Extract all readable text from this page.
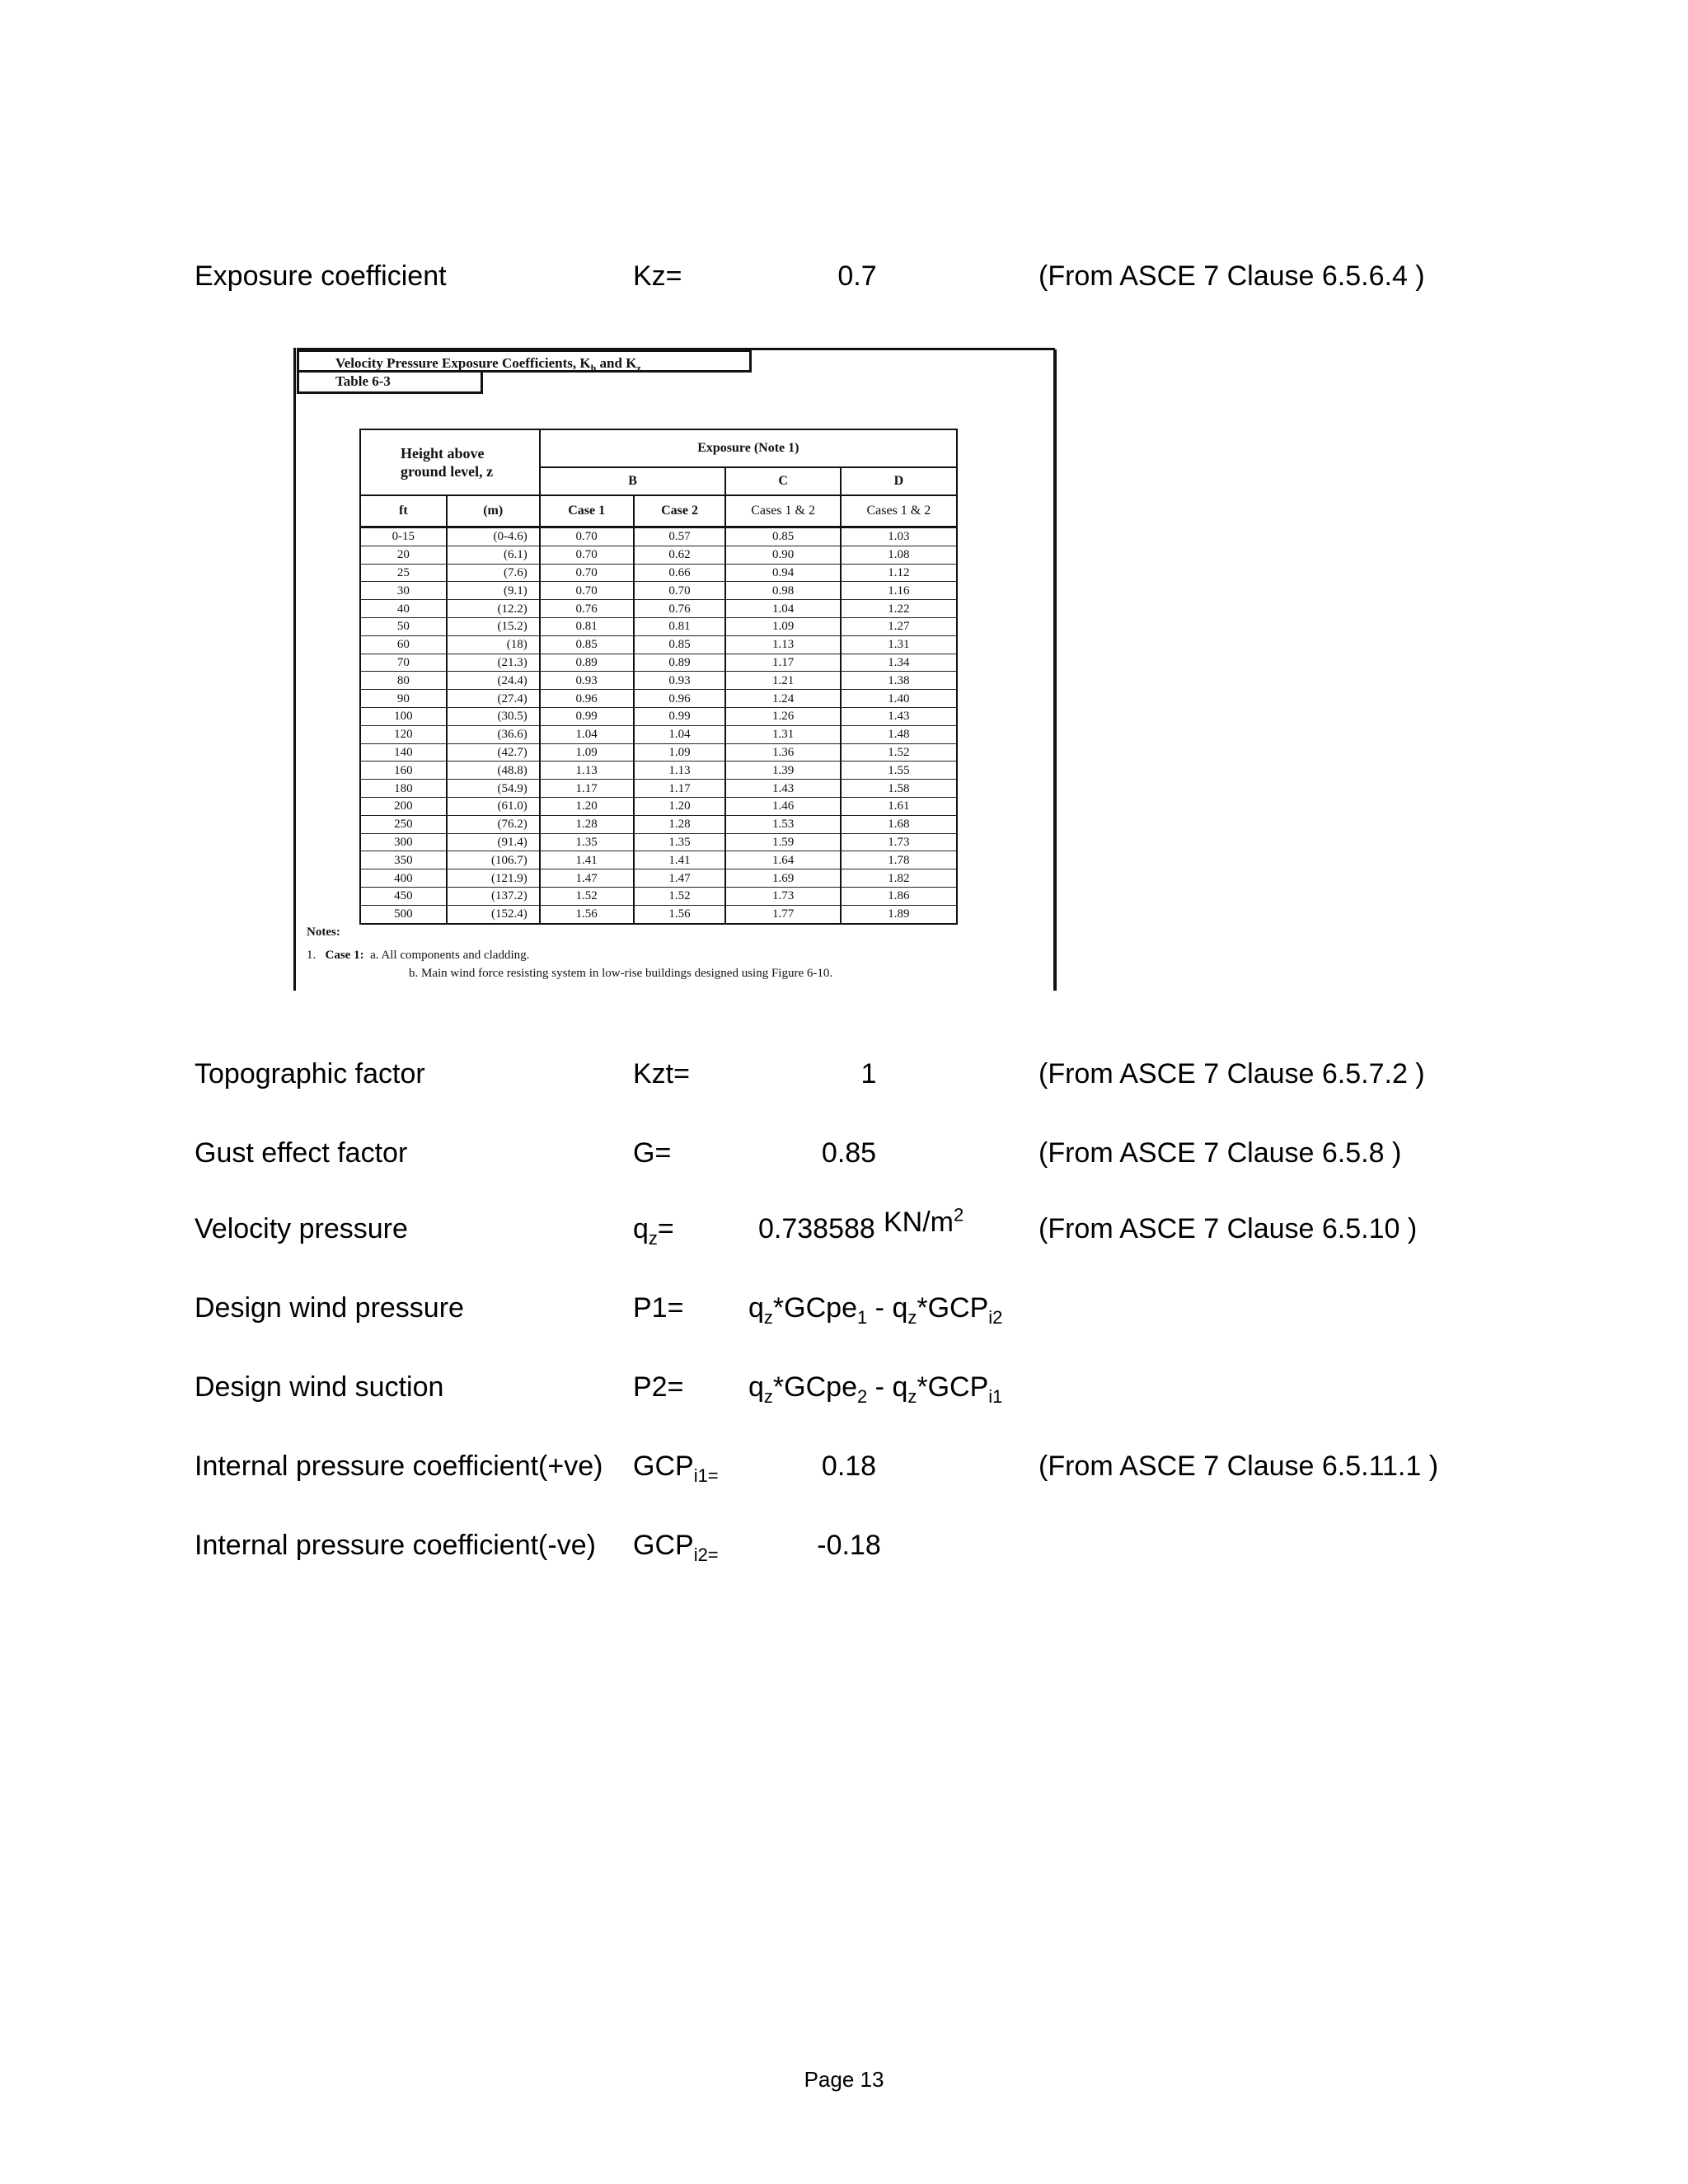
Exposure coefficient	Kz=	0.7	(From ASCE 7 Clause 6.5.6.4 )
Velocity Pressure Exposure Coefficients, $K_h$ and $K_z$
Table 6-3
Height above ground level, z		Exposure (Note 1)			
		B		C	D
ft	(m)	Case 1	Case 2	Cases 1 & 2	Cases 1 & 2
0-15	(0-4.6)	0.70	0.57	0.85	1.03
20	(6.1)	0.70	0.62	0.90	1.08
25	(7.6)	0.70	0.66	0.94	1.12
30	(9.1)	0.70	0.70	0.98	1.16
40	(12.2)	0.76	0.76	1.04	1.22
50	(15.2)	0.81	0.81	1.09	1.27
60	(18)	0.85	0.85	1.13	1.31
70	(21.3)	0.89	0.89	1.17	1.34
80	(24.4)	0.93	0.93	1.21	1.38
90	(27.4)	0.96	0.96	1.24	1.40
100	(30.5)	0.99	0.99	1.26	1.43
120	(36.6)	1.04	1.04	1.31	1.48
140	(42.7)	1.09	1.09	1.36	1.52
160	(48.8)	1.13	1.13	1.39	1.55
180	(54.9)	1.17	1.17	1.43	1.58
200	(61.0)	1.20	1.20	1.46	1.61
250	(76.2)	1.28	1.28	1.53	1.68
300	(91.4)	1.35	1.35	1.59	1.73
350	(106.7)	1.41	1.41	1.64	1.78
400	(121.9)	1.47	1.47	1.69	1.82
450	(137.2)	1.52	1.52	1.73	1.86
500	(152.4)	1.56	1.56	1.77	1.89
Notes:
1. Case 1: a. All components and cladding.
b. Main wind force resisting system in low-rise buildings designed using Figure 6-10.
Topographic factor	Kzt=	1	(From ASCE 7 Clause 6.5.7.2 )
Gust effect factor	G=	0.85	(From ASCE 7 Clause 6.5.8 )
Velocity pressure	$q_z=$	0.738588 $KN/m^2$	(From ASCE 7 Clause 6.5.10 )
Design wind pressure	$P1= q_z*GCpe_1 - q_z*GCP_{i2}$
Design wind suction	$P2= q_z*GCpe_2 - q_z*GCP_{i1}$
Internal pressure coefficient(+ve) $GCP_{i1=}$	0.18	(From ASCE 7 Clause 6.5.11.1 )
Internal pressure coefficient(-ve) $GCP_{i2=}$	-0.18
Page 13
